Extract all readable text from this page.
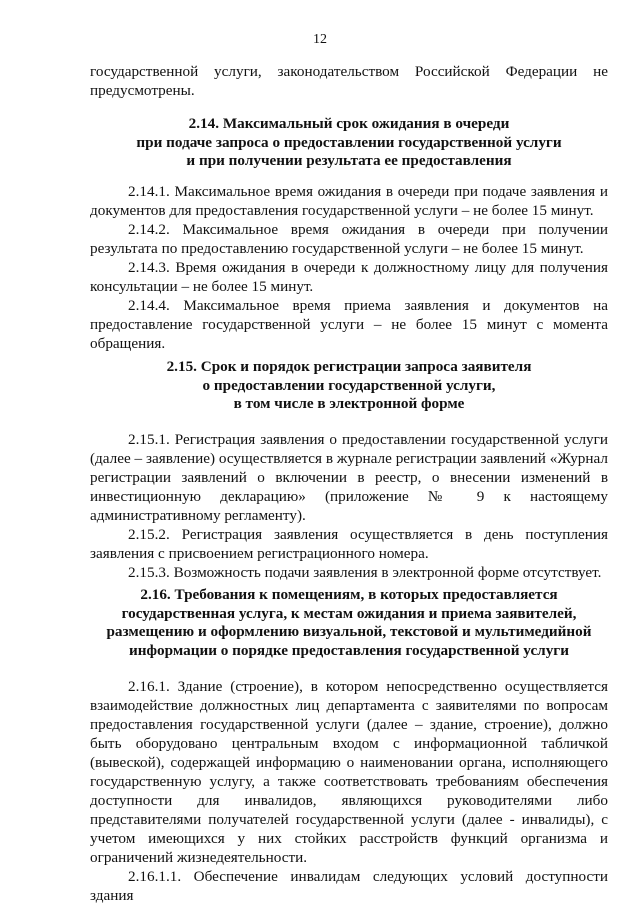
12

государственной услуги, законодательством Российской Федерации не предусмотрены.

2.14. Максимальный срок ожидания в очереди
при подаче запроса о предоставлении государственной услуги
и при получении результата ее предоставления

2.14.1. Максимальное время ожидания в очереди при подаче заявления и документов для предоставления государственной услуги – не более 15 минут.

2.14.2. Максимальное время ожидания в очереди при получении результата по предоставлению государственной услуги – не более 15 минут.

2.14.3. Время ожидания в очереди к должностному лицу для получения консультации – не более 15 минут.

2.14.4. Максимальное время приема заявления и документов на предоставление государственной услуги – не более 15 минут с момента обращения.

2.15. Срок и порядок регистрации запроса заявителя
о предоставлении государственной услуги,
в том числе в электронной форме

2.15.1. Регистрация заявления о предоставлении государственной услуги (далее – заявление) осуществляется в журнале регистрации заявлений «Журнал регистрации заявлений о включении в реестр, о внесении изменений в инвестиционную декларацию» (приложение № 9 к настоящему административному регламенту).

2.15.2. Регистрация заявления осуществляется в день поступления заявления с присвоением регистрационного номера.

2.15.3. Возможность подачи заявления в электронной форме отсутствует.

2.16. Требования к помещениям, в которых предоставляется
государственная услуга, к местам ожидания и приема заявителей,
размещению и оформлению визуальной, текстовой и мультимедийной
информации о порядке предоставления государственной услуги

2.16.1. Здание (строение), в котором непосредственно осуществляется взаимодействие должностных лиц департамента с заявителями по вопросам предоставления государственной услуги (далее – здание, строение), должно быть оборудовано центральным входом с информационной табличкой (вывеской), содержащей информацию о наименовании органа, исполняющего государственную услугу, а также соответствовать требованиям обеспечения доступности для инвалидов, являющихся руководителями либо представителями получателей государственной услуги (далее - инвалиды), с учетом имеющихся у них стойких расстройств функций организма и ограничений жизнедеятельности.

2.16.1.1. Обеспечение инвалидам следующих условий доступности здания
